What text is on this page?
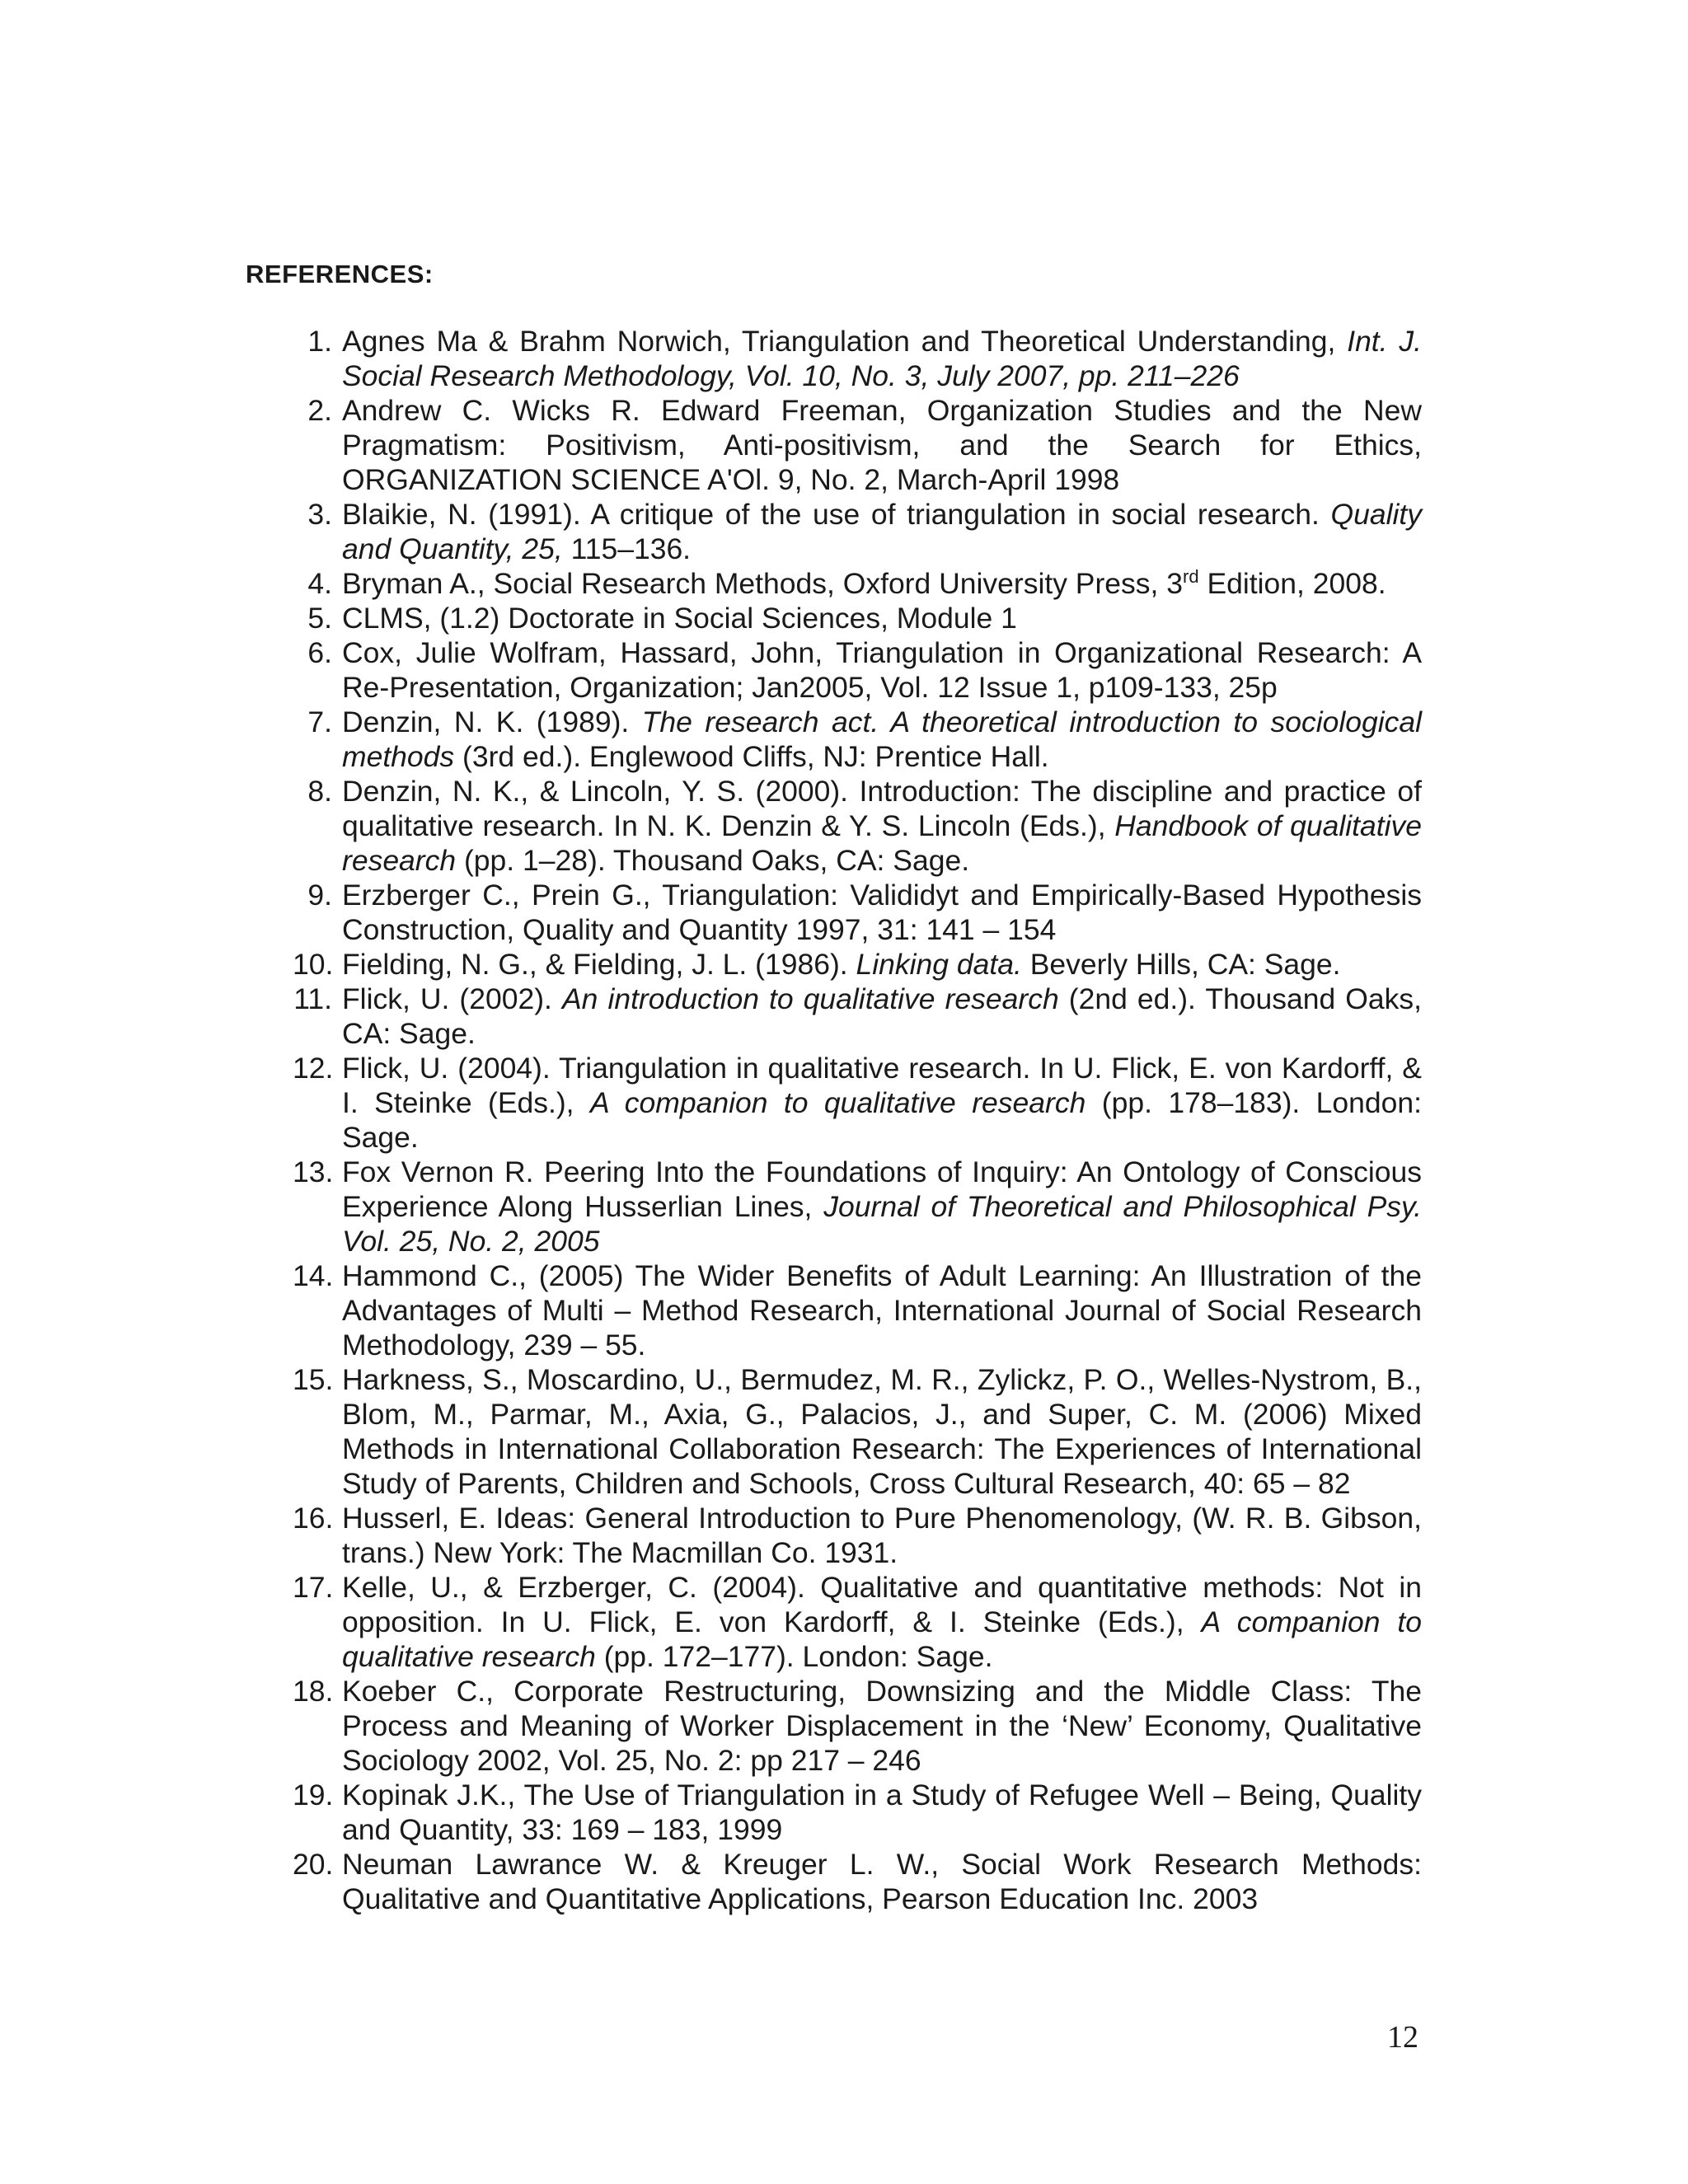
REFERENCES:
1. Agnes Ma & Brahm Norwich, Triangulation and Theoretical Understanding, Int. J. Social Research Methodology, Vol. 10, No. 3, July 2007, pp. 211–226
2. Andrew C. Wicks R. Edward Freeman, Organization Studies and the New Pragmatism: Positivism, Anti-positivism, and the Search for Ethics, ORGANIZATION SCIENCE A'Ol. 9, No. 2, March-April 1998
3. Blaikie, N. (1991). A critique of the use of triangulation in social research. Quality and Quantity, 25, 115–136.
4. Bryman A., Social Research Methods, Oxford University Press, 3rd Edition, 2008.
5. CLMS, (1.2) Doctorate in Social Sciences, Module 1
6. Cox, Julie Wolfram, Hassard, John, Triangulation in Organizational Research: A Re-Presentation, Organization; Jan2005, Vol. 12 Issue 1, p109-133, 25p
7. Denzin, N. K. (1989). The research act. A theoretical introduction to sociological methods (3rd ed.). Englewood Cliffs, NJ: Prentice Hall.
8. Denzin, N. K., & Lincoln, Y. S. (2000). Introduction: The discipline and practice of qualitative research. In N. K. Denzin & Y. S. Lincoln (Eds.), Handbook of qualitative research (pp. 1–28). Thousand Oaks, CA: Sage.
9. Erzberger C., Prein G., Triangulation: Valididyt and Empirically-Based Hypothesis Construction, Quality and Quantity 1997, 31: 141 – 154
10. Fielding, N. G., & Fielding, J. L. (1986). Linking data. Beverly Hills, CA: Sage.
11. Flick, U. (2002). An introduction to qualitative research (2nd ed.). Thousand Oaks, CA: Sage.
12. Flick, U. (2004). Triangulation in qualitative research. In U. Flick, E. von Kardorff, & I. Steinke (Eds.), A companion to qualitative research (pp. 178–183). London: Sage.
13. Fox Vernon R. Peering Into the Foundations of Inquiry: An Ontology of Conscious Experience Along Husserlian Lines, Journal of Theoretical and Philosophical Psy. Vol. 25, No. 2, 2005
14. Hammond C., (2005) The Wider Benefits of Adult Learning: An Illustration of the Advantages of Multi – Method Research, International Journal of Social Research Methodology, 239 – 55.
15. Harkness, S., Moscardino, U., Bermudez, M. R., Zylickz, P. O., Welles-Nystrom, B., Blom, M., Parmar, M., Axia, G., Palacios, J., and Super, C. M. (2006) Mixed Methods in International Collaboration Research: The Experiences of International Study of Parents, Children and Schools, Cross Cultural Research, 40: 65 – 82
16. Husserl, E. Ideas: General Introduction to Pure Phenomenology, (W. R. B. Gibson, trans.) New York: The Macmillan Co. 1931.
17. Kelle, U., & Erzberger, C. (2004). Qualitative and quantitative methods: Not in opposition. In U. Flick, E. von Kardorff, & I. Steinke (Eds.), A companion to qualitative research (pp. 172–177). London: Sage.
18. Koeber C., Corporate Restructuring, Downsizing and the Middle Class: The Process and Meaning of Worker Displacement in the ‘New’ Economy, Qualitative Sociology 2002, Vol. 25, No. 2: pp 217 – 246
19. Kopinak J.K., The Use of Triangulation in a Study of Refugee Well – Being, Quality and Quantity, 33: 169 – 183, 1999
20. Neuman Lawrance W. & Kreuger L. W., Social Work Research Methods: Qualitative and Quantitative Applications, Pearson Education Inc. 2003
12
